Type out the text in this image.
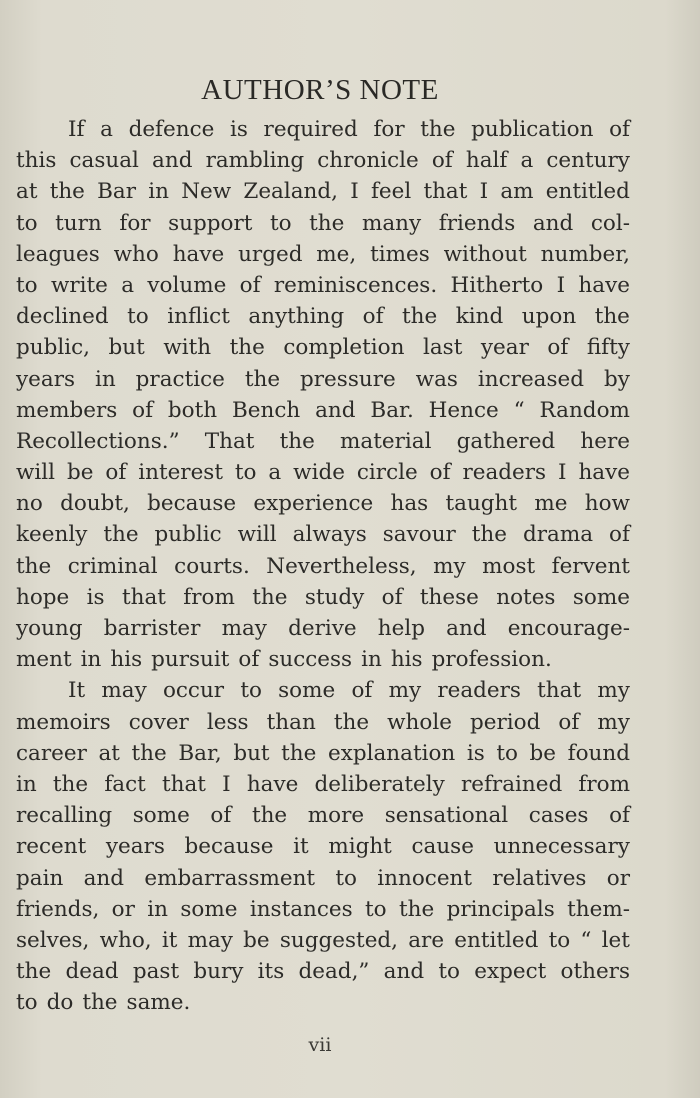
AUTHOR’S NOTE
If a defence is required for the publication of
this casual and rambling chronicle of half a century
at the Bar in New Zealand, I feel that I am entitled
to turn for support to the many friends and col-
leagues who have urged me, times without number,
to write a volume of reminiscences. Hitherto I have
declined to inflict anything of the kind upon the
public, but with the completion last year of fifty
years in practice the pressure was increased by
members of both Bench and Bar. Hence “ Random
Recollections.” That the material gathered here
will be of interest to a wide circle of readers I have
no doubt, because experience has taught me how
keenly the public will always savour the drama of
the criminal courts. Nevertheless, my most fervent
hope is that from the study of these notes some
young barrister may derive help and encourage-
ment in his pursuit of success in his profession.
It may occur to some of my readers that my
memoirs cover less than the whole period of my
career at the Bar, but the explanation is to be found
in the fact that I have deliberately refrained from
recalling some of the more sensational cases of
recent years because it might cause unnecessary
pain and embarrassment to innocent relatives or
friends, or in some instances to the principals them-
selves, who, it may be suggested, are entitled to “ let
the dead past bury its dead,” and to expect others
to do the same.
vii
